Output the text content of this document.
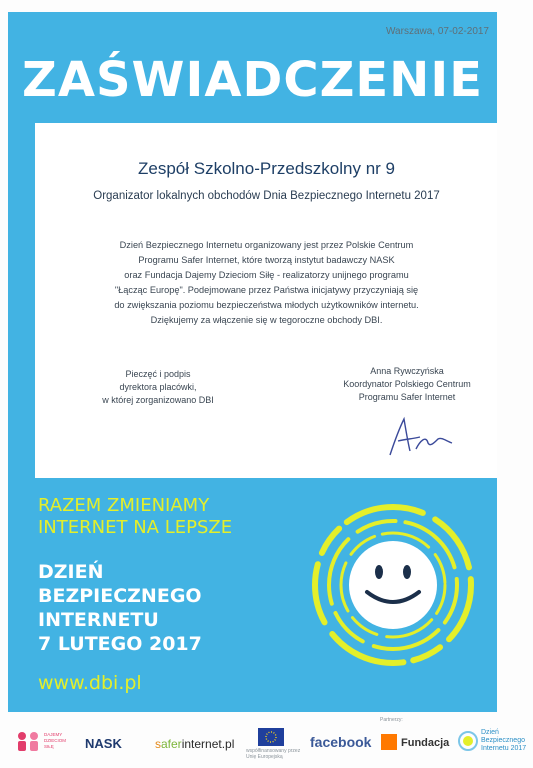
Warszawa, 07-02-2017
ZAŚWIADCZENIE
Zespół Szkolno-Przedszkolny nr 9
Organizator lokalnych obchodów Dnia Bezpiecznego Internetu 2017
Dzień Bezpiecznego Internetu organizowany jest przez Polskie Centrum
Programu Safer Internet, które tworzą instytut badawczy NASK
oraz Fundacja Dajemy Dzieciom Siłę - realizatorzy unijnego programu
"Łącząc Europę". Podejmowane przez Państwa inicjatywy przyczyniają się
do zwiększania poziomu bezpieczeństwa młodych użytkowników internetu.
Dziękujemy za włączenie się w tegoroczne obchody DBI.
Pieczęć i podpis
dyrektora placówki,
w której zorganizowano DBI
Anna Rywczyńska
Koordynator Polskiego Centrum
Programu Safer Internet
RAZEM ZMIENIAMY
INTERNET NA LEPSZE
DZIEŃ
BEZPIECZNEGO
INTERNETU
7 LUTEGO 2017
www.dbi.pl
DAJEMY DZIECIOM SIŁĘ	NASK	saferinternet.pl współfinansowany przez Unię Europejską
facebook
Partnerzy:
Fundacja
Dzień
Bezpiecznego
Internetu 2017
